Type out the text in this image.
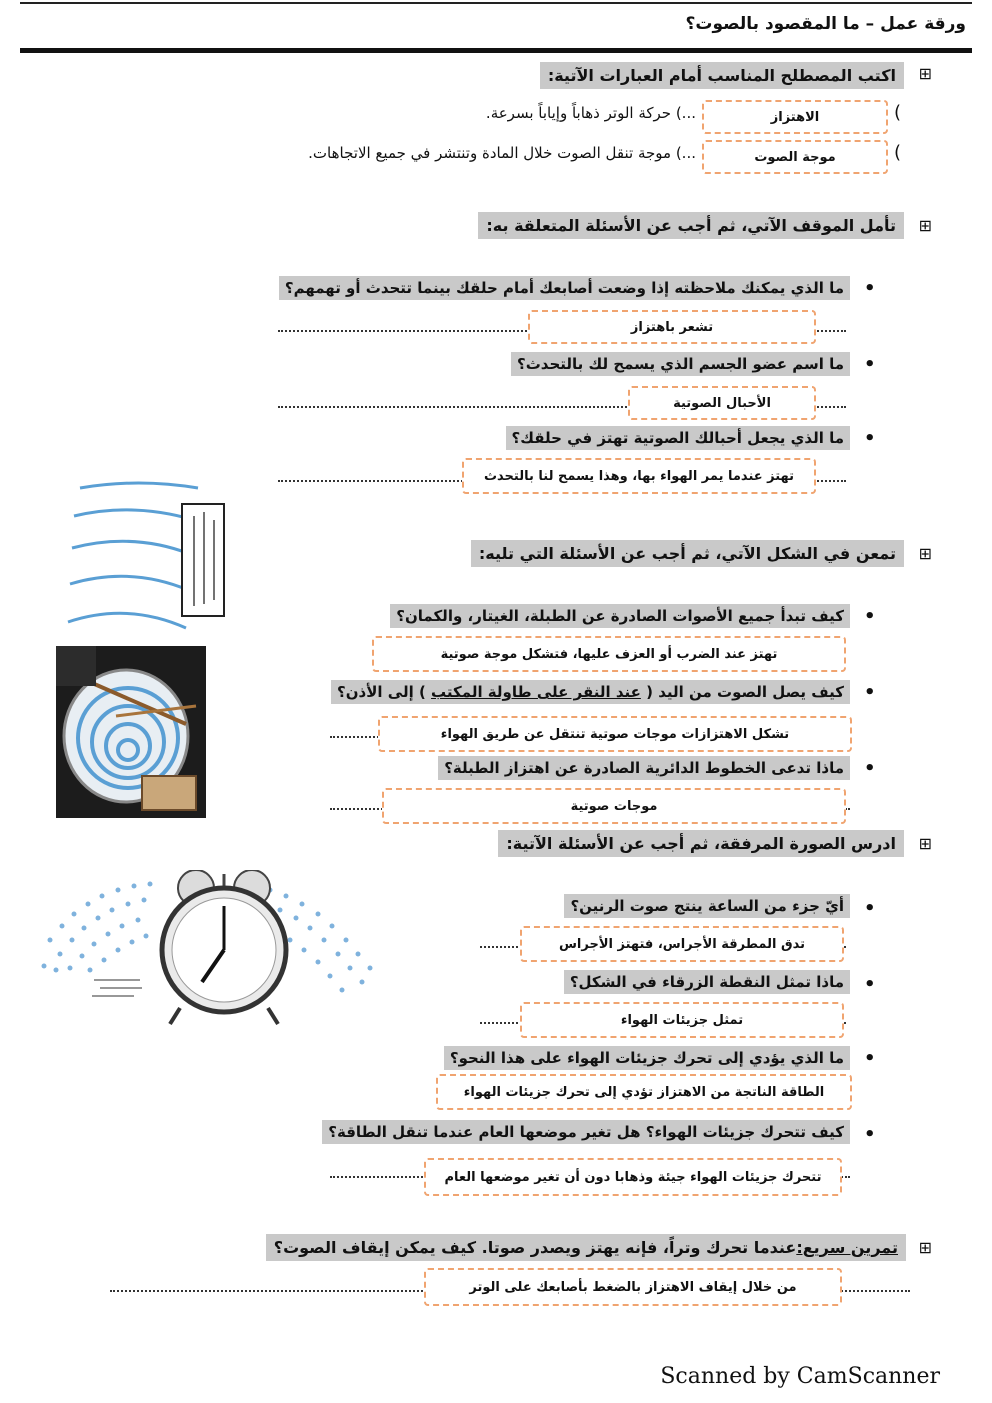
ورقة عمل – ما المقصود بالصوت؟
⊞
اكتب المصطلح المناسب أمام العبارات الآتية:
(
الاهتزاز
...) حركة الوتر ذهاباً وإياباً بسرعة.
(
موجة الصوت
...) موجة تنقل الصوت خلال المادة وتنتشر في جميع الاتجاهات.
⊞
تأمل الموقف الآتي، ثم أجب عن الأسئلة المتعلقة به:
•
ما الذي يمكنك ملاحظته إذا وضعت أصابعك أمام حلقك بينما تتحدث أو تهمهم؟
تشعر باهتزاز
•
ما اسم عضو الجسم الذي يسمح لك بالتحدث؟
الأحبال الصوتية
•
ما الذي يجعل أحبالك الصوتية تهتز في حلقك؟
تهتز عندما يمر الهواء بها، وهذا يسمح لنا بالتحدث
⊞
تمعن في الشكل الآتي، ثم أجب عن الأسئلة التي تليه:
•
كيف تبدأ جميع الأصوات الصادرة عن الطبلة، الغيتار، والكمان؟
تهتز عند الضرب أو العزف عليها، فتشكل موجة صوتية
•
كيف يصل الصوت من اليد ( عند النقر على طاولة المكتب ) إلى الأذن؟
تشكل الاهتزازات موجات صوتية تنتقل عن طريق الهواء
•
ماذا تدعى الخطوط الدائرية الصادرة عن اهتزاز الطبلة؟
موجات صوتية
⊞
ادرس الصورة المرفقة، ثم أجب عن الأسئلة الآتية:
•
أيّ جزء من الساعة ينتج صوت الرنين؟
تدق المطرقة الأجراس، فتهتز الأجراس
•
ماذا تمثل النقطة الزرقاء في الشكل؟
تمثل جزيئات الهواء
•
ما الذي يؤدي إلى تحرك جزيئات الهواء على هذا النحو؟
الطاقة الناتجة من الاهتزاز تؤدي إلى تحرك جزيئات الهواء
•
كيف تتحرك جزيئات الهواء؟ هل تغير موضعها العام عندما تنقل الطاقة؟
تتحرك جزيئات الهواء جيئة وذهابا دون أن تغير موضعها العام
⊞
تمرين سريع:عندما تحرك وتراً، فإنه يهتز ويصدر صوتا. كيف يمكن إيقاف الصوت؟
من خلال إيقاف الاهتزاز بالضغط بأصابعك على الوتر
Scanned by CamScanner
